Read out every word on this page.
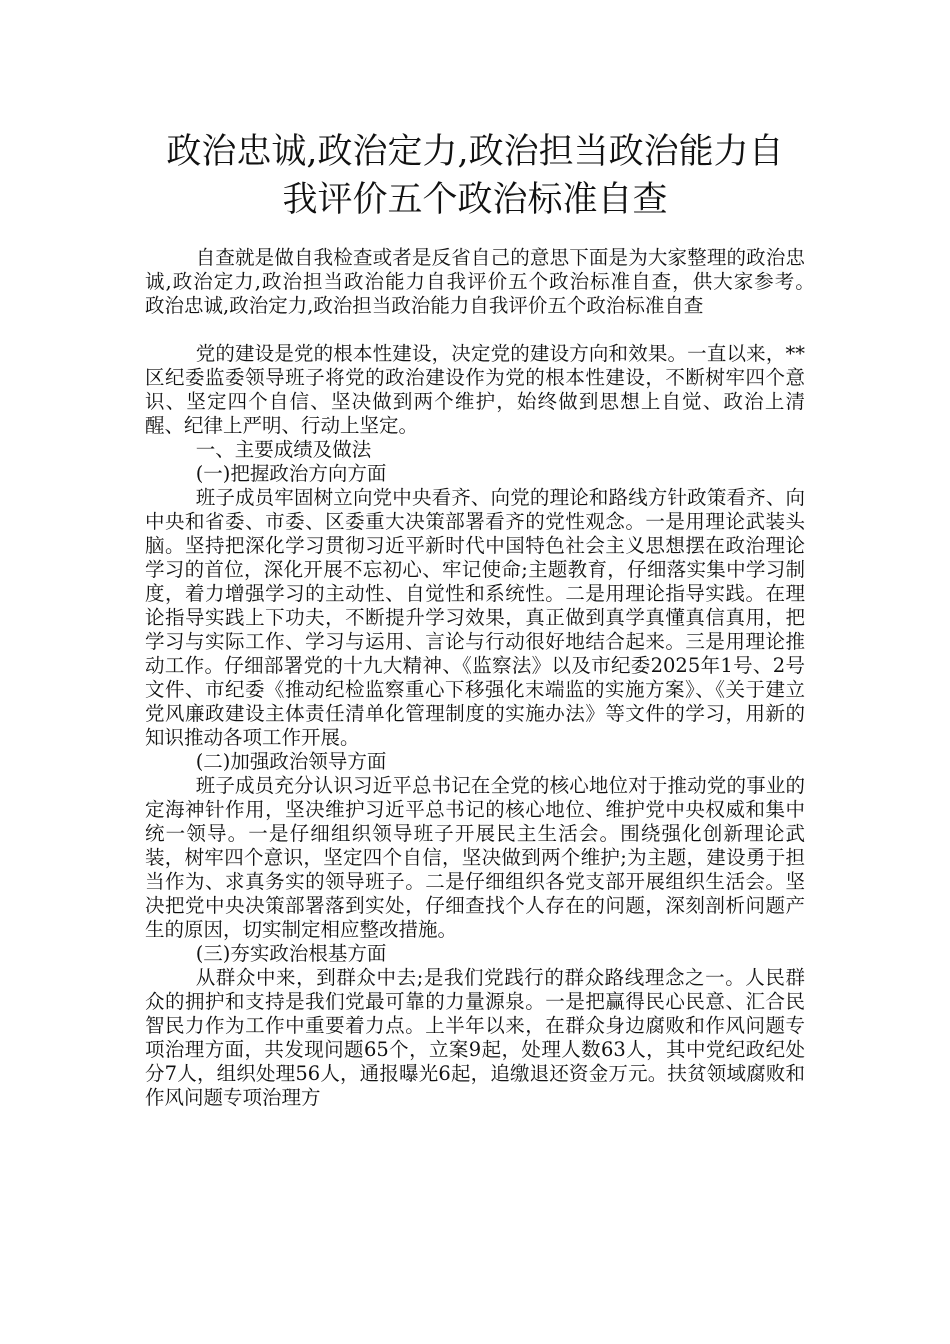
政治忠诚,政治定力,政治担当政治能力自
我评价五个政治标准自查

自查就是做自我检查或者是反省自己的意思下面是为大家整理的政治忠诚,政治定力,政治担当政治能力自我评价五个政治标准自查，供大家参考。　　政治忠诚,政治定力,政治担当政治能力自我评价五个政治标准自查

党的建设是党的根本性建设，决定党的建设方向和效果。一直以来，**区纪委监委领导班子将党的政治建设作为党的根本性建设，不断树牢四个意识、坚定四个自信、坚决做到两个维护，始终做到思想上自觉、政治上清醒、纪律上严明、行动上坚定。

一、主要成绩及做法

(一)把握政治方向方面

班子成员牢固树立向党中央看齐、向党的理论和路线方针政策看齐、向中央和省委、市委、区委重大决策部署看齐的党性观念。一是用理论武装头脑。坚持把深化学习贯彻习近平新时代中国特色社会主义思想摆在政治理论学习的首位，深化开展不忘初心、牢记使命;主题教育，仔细落实集中学习制度，着力增强学习的主动性、自觉性和系统性。二是用理论指导实践。在理论指导实践上下功夫，不断提升学习效果，真正做到真学真懂真信真用，把学习与实际工作、学习与运用、言论与行动很好地结合起来。三是用理论推动工作。仔细部署党的十九大精神、《监察法》以及市纪委2025年1号、2号文件、市纪委《推动纪检监察重心下移强化末端监的实施方案》、《关于建立党风廉政建设主体责任清单化管理制度的实施办法》等文件的学习，用新的知识推动各项工作开展。

(二)加强政治领导方面

班子成员充分认识习近平总书记在全党的核心地位对于推动党的事业的定海神针作用，坚决维护习近平总书记的核心地位、维护党中央权威和集中统一领导。一是仔细组织领导班子开展民主生活会。围绕强化创新理论武装，树牢四个意识，坚定四个自信，坚决做到两个维护;为主题，建设勇于担当作为、求真务实的领导班子。二是仔细组织各党支部开展组织生活会。坚决把党中央决策部署落到实处，仔细查找个人存在的问题，深刻剖析问题产生的原因，切实制定相应整改措施。

(三)夯实政治根基方面

从群众中来，到群众中去;是我们党践行的群众路线理念之一。人民群众的拥护和支持是我们党最可靠的力量源泉。一是把赢得民心民意、汇合民智民力作为工作中重要着力点。上半年以来，在群众身边腐败和作风问题专项治理方面，共发现问题65个，立案9起，处理人数63人，其中党纪政纪处分7人，组织处理56人，通报曝光6起，追缴退还资金万元。扶贫领域腐败和作风问题专项治理方
